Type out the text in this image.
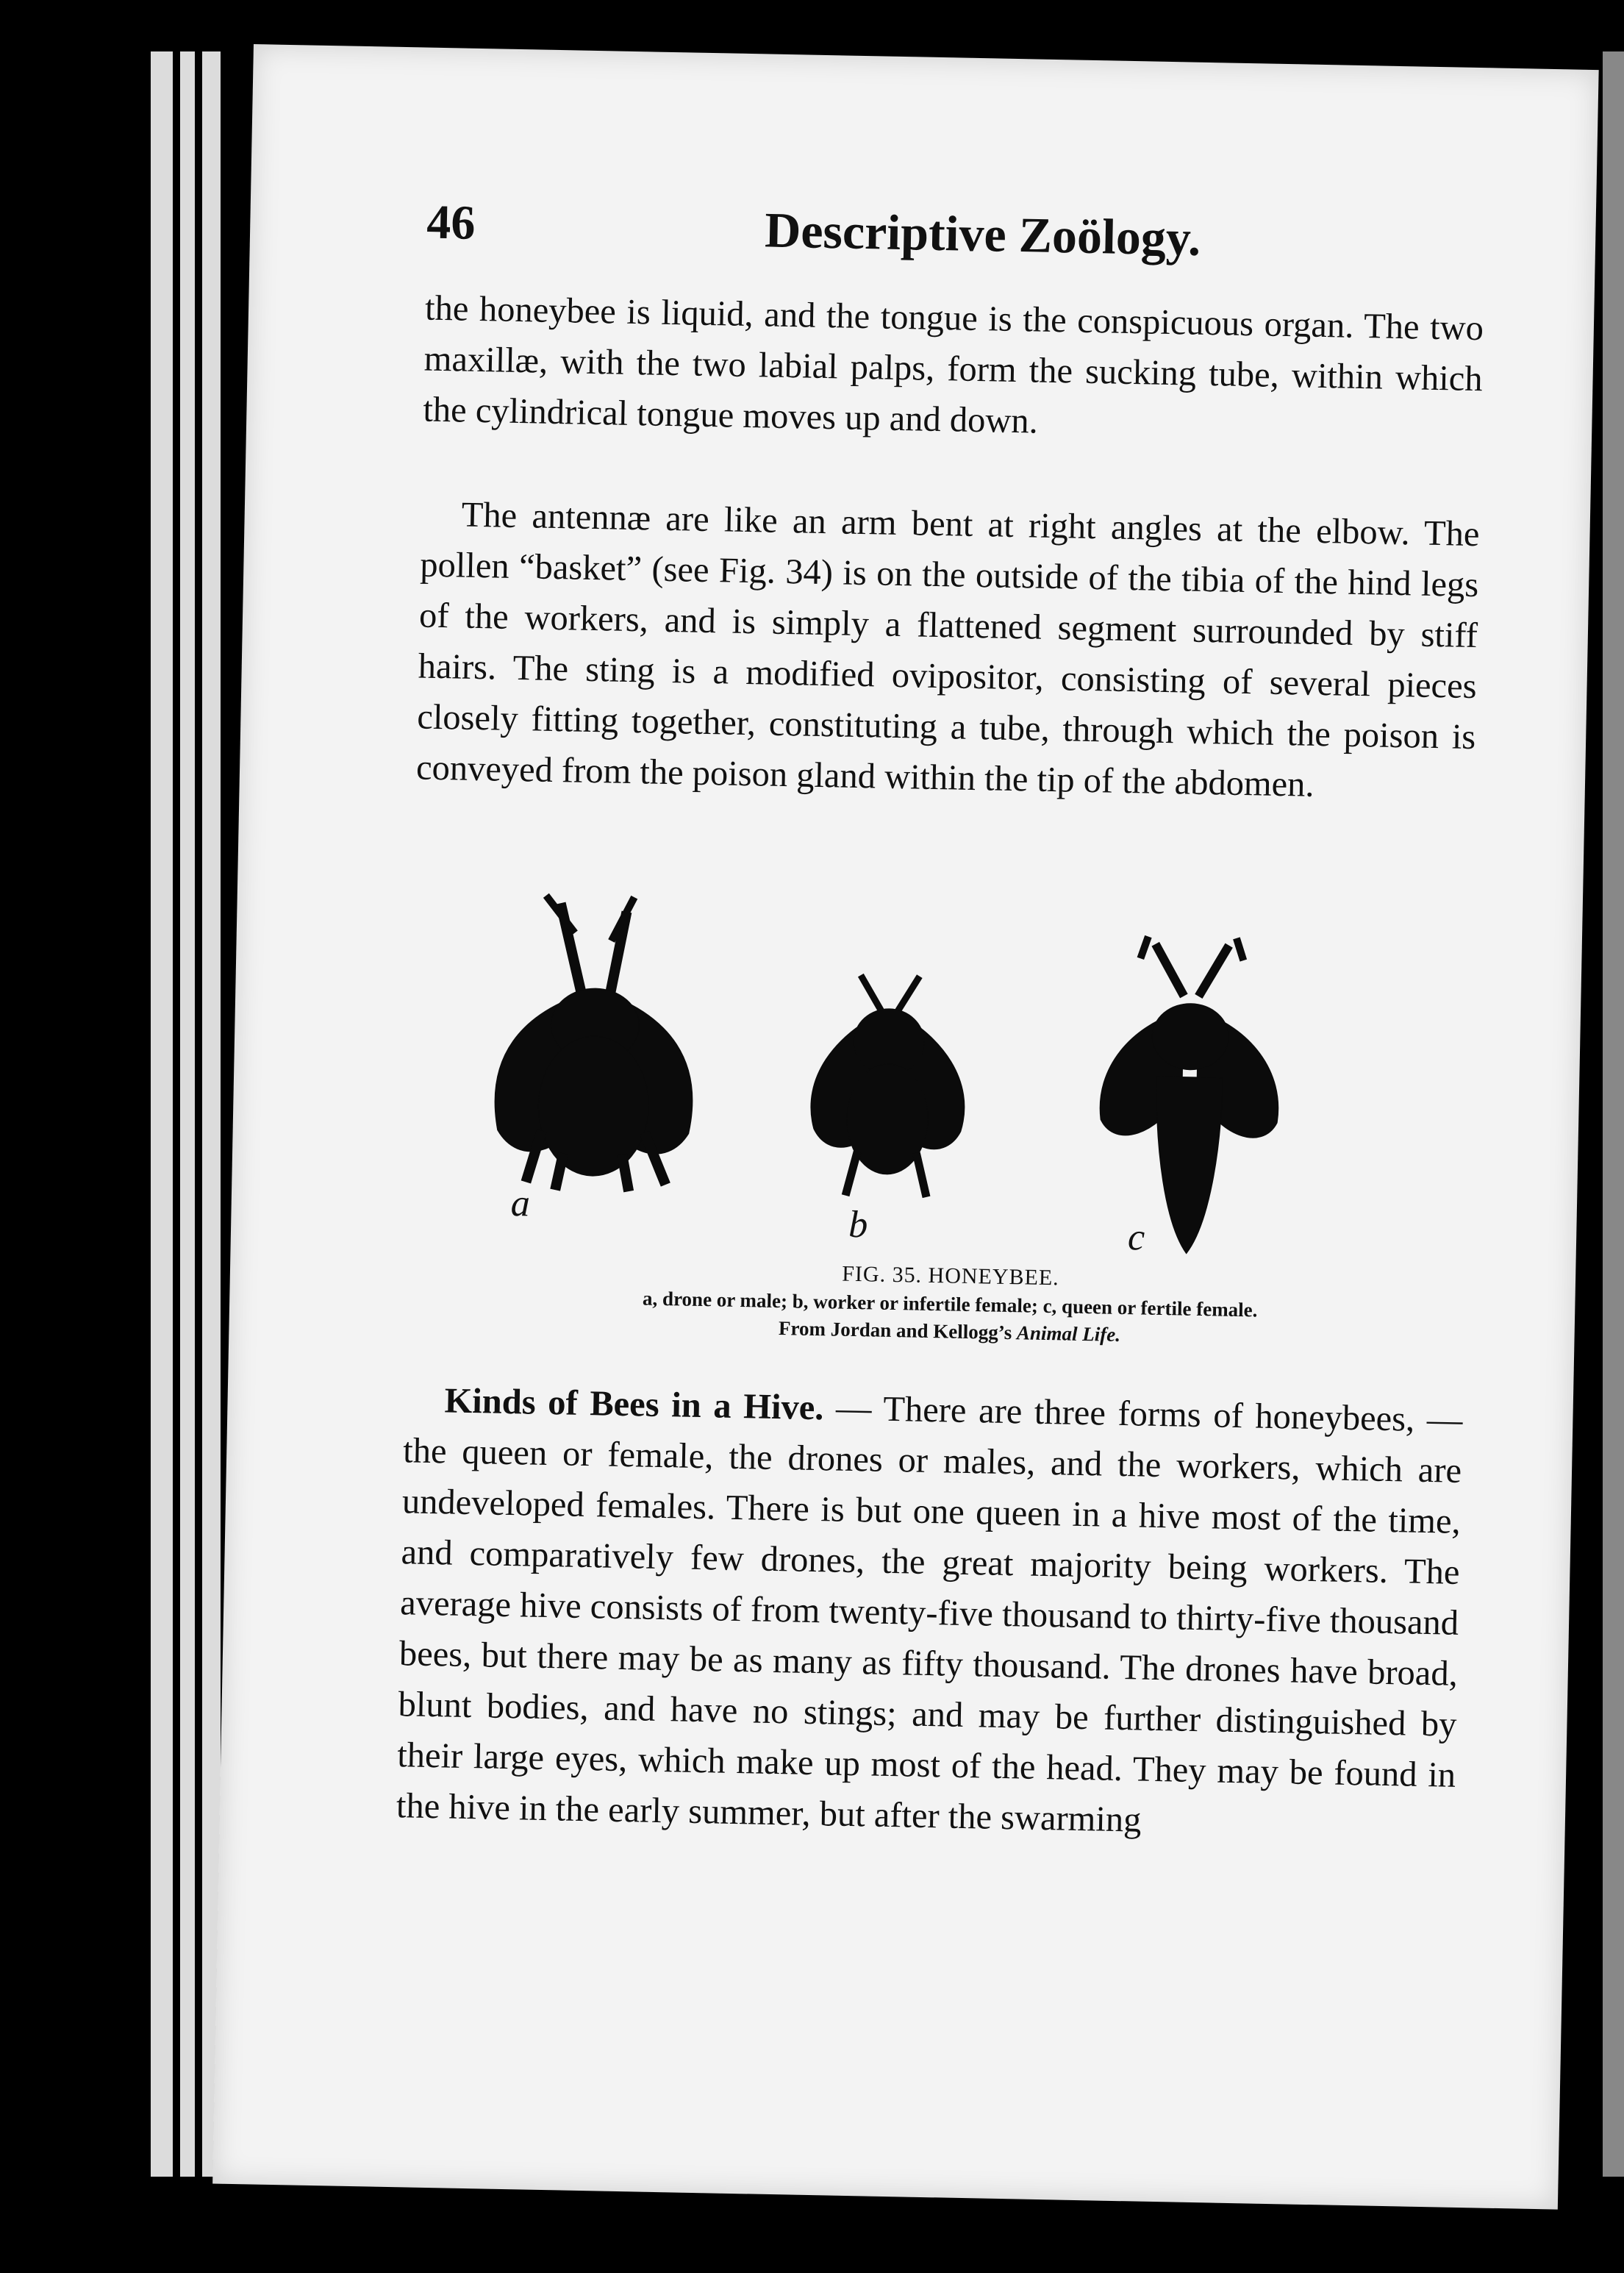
46	Descriptive Zoölogy.

the honeybee is liquid, and the tongue is the conspicuous organ. The two maxillæ, with the two labial palps, form the sucking tube, within which the cylindrical tongue moves up and down.

The antennæ are like an arm bent at right angles at the elbow. The pollen “basket” (see Fig. 34) is on the outside of the tibia of the hind legs of the workers, and is simply a flattened segment surrounded by stiff hairs. The sting is a modified ovipositor, consisting of several pieces closely fitting together, constituting a tube, through which the poison is conveyed from the poison gland within the tip of the abdomen.

a
b	c
FIG. 35. HONEYBEE.
a, drone or male; b, worker or infertile female; c, queen or fertile female.
From Jordan and Kellogg’s Animal Life.

Kinds of Bees in a Hive. — There are three forms of honeybees, — the queen or female, the drones or males, and the workers, which are undeveloped females. There is but one queen in a hive most of the time, and comparatively few drones, the great majority being workers. The average hive consists of from twenty-five thousand to thirty-five thousand bees, but there may be as many as fifty thousand. The drones have broad, blunt bodies, and have no stings; and may be further distinguished by their large eyes, which make up most of the head. They may be found in the hive in the early summer, but after the swarming
